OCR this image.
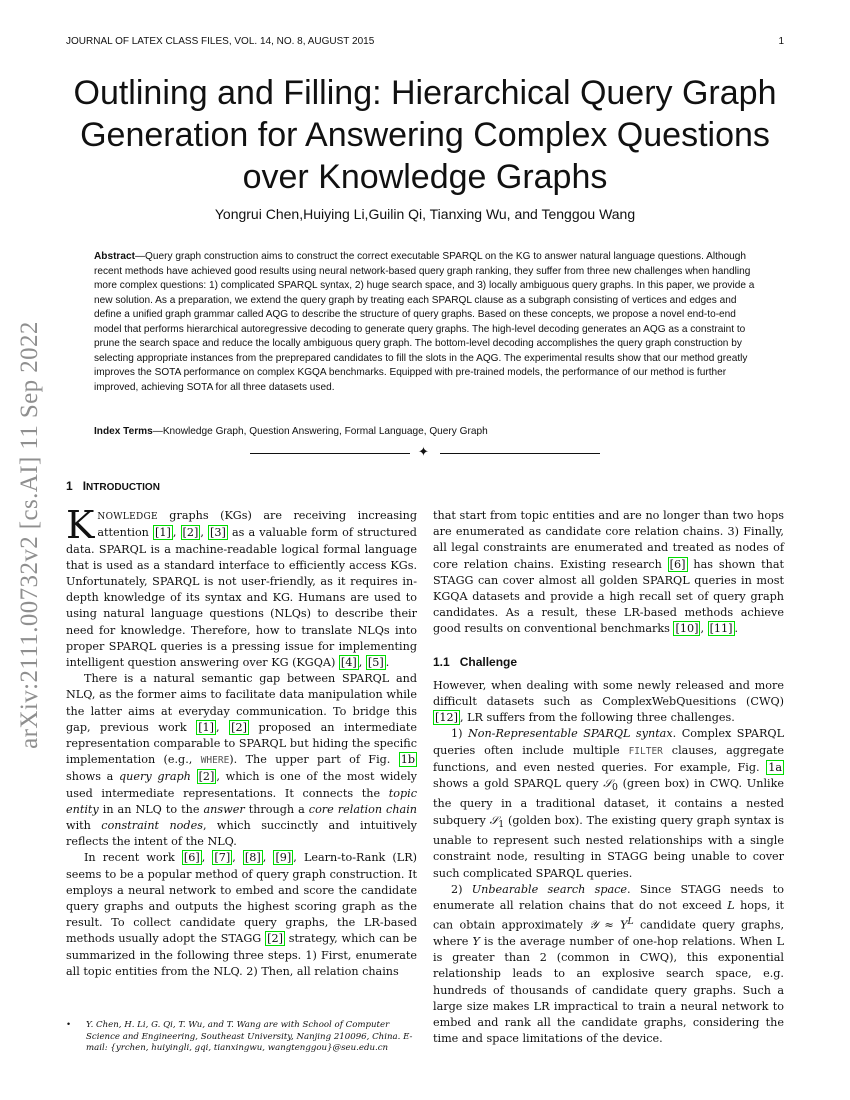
JOURNAL OF LATEX CLASS FILES, VOL. 14, NO. 8, AUGUST 2015	1
arXiv:2111.00732v2 [cs.AI] 11 Sep 2022
Outlining and Filling: Hierarchical Query Graph Generation for Answering Complex Questions over Knowledge Graphs
Yongrui Chen,Huiying Li,Guilin Qi, Tianxing Wu, and Tenggou Wang

Abstract—Query graph construction aims to construct the correct executable SPARQL on the KG to answer natural language questions. Although recent methods have achieved good results using neural network-based query graph ranking, they suffer from three new challenges when handling more complex questions: 1) complicated SPARQL syntax, 2) huge search space, and 3) locally ambiguous query graphs. In this paper, we provide a new solution. As a preparation, we extend the query graph by treating each SPARQL clause as a subgraph consisting of vertices and edges and define a unified graph grammar called AQG to describe the structure of query graphs. Based on these concepts, we propose a novel end-to-end model that performs hierarchical autoregressive decoding to generate query graphs. The high-level decoding generates an AQG as a constraint to prune the search space and reduce the locally ambiguous query graph. The bottom-level decoding accomplishes the query graph construction by selecting appropriate instances from the preprepared candidates to fill the slots in the AQG. The experimental results show that our method greatly improves the SOTA performance on complex KGQA benchmarks. Equipped with pre-trained models, the performance of our method is further improved, achieving SOTA for all three datasets used.

Index Terms—Knowledge Graph, Question Answering, Formal Language, Query Graph

✦
1 INTRODUCTION

KNOWLEDGE graphs (KGs) are receiving increasing attention [1] , [2] , [3] as a valuable form of structured data. SPARQL is a machine-readable logical formal language that is used as a standard interface to efficiently access KGs. Unfortunately, SPARQL is not user-friendly, as it requires in-depth knowledge of its syntax and KG. Humans are used to using natural language questions (NLQs) to describe their need for knowledge. Therefore, how to translate NLQs into proper SPARQL queries is a pressing issue for implementing intelligent question answering over KG (KGQA) [4] , [5] .

There is a natural semantic gap between SPARQL and NLQ, as the former aims to facilitate data manipulation while the latter aims at everyday communication. To bridge this gap, previous work [1] , [2] proposed an intermediate representation comparable to SPARQL but hiding the specific implementation (e.g., WHERE). The upper part of Fig. 1b shows a query graph [2] , which is one of the most widely used intermediate representations. It connects the topic entity in an NLQ to the answer through a core relation chain with constraint nodes, which succinctly and intuitively reflects the intent of the NLQ.

In recent work [6] , [7] , [8] , [9] , Learn-to-Rank (LR) seems to be a popular method of query graph construction. It employs a neural network to embed and score the candidate query graphs and outputs the highest scoring graph as the result. To collect candidate query graphs, the LR-based methods usually adopt the STAGG [2] strategy, which can be summarized in the following three steps. 1) First, enumerate all topic entities from the NLQ. 2) Then, all relation chains

that start from topic entities and are no longer than two hops are enumerated as candidate core relation chains. 3) Finally, all legal constraints are enumerated and treated as nodes of core relation chains. Existing research [6] has shown that STAGG can cover almost all golden SPARQL queries in most KGQA datasets and provide a high recall set of query graph candidates. As a result, these LR-based methods achieve good results on conventional benchmarks [10] , [11] .

1.1 Challenge

However, when dealing with some newly released and more difficult datasets such as ComplexWebQuesitions (CWQ) [12] , LR suffers from the following three challenges.

1) Non-Representable SPARQL syntax. Complex SPARQL queries often include multiple FILTER clauses, aggregate functions, and even nested queries. For example, Fig. 1a shows a gold SPARQL query 𝒮$_0$ (green box) in CWQ. Unlike the query in a traditional dataset, it contains a nested subquery 𝒮$_1$ (golden box). The existing query graph syntax is unable to represent such nested relationships with a single constraint node, resulting in STAGG being unable to cover such complicated SPARQL queries.

2) Unbearable search space. Since STAGG needs to enumerate all relation chains that do not exceed L hops, it can obtain approximately 𝒴 ≈ $Y^L$ candidate query graphs, where Y is the average number of one-hop relations. When L is greater than 2 (common in CWQ), this exponential relationship leads to an explosive search space, e.g. hundreds of thousands of candidate query graphs. Such a large size makes LR impractical to train a neural network to embed and rank all the candidate graphs, considering the time and space limitations of the device.

•	Y. Chen, H. Li, G. Qi, T. Wu, and T. Wang are with School of Computer Science and Engineering, Southeast University, Nanjing 210096, China. E-mail: {yrchen, huiyingli, gqi, tianxingwu, wangtenggou}@seu.edu.cn
